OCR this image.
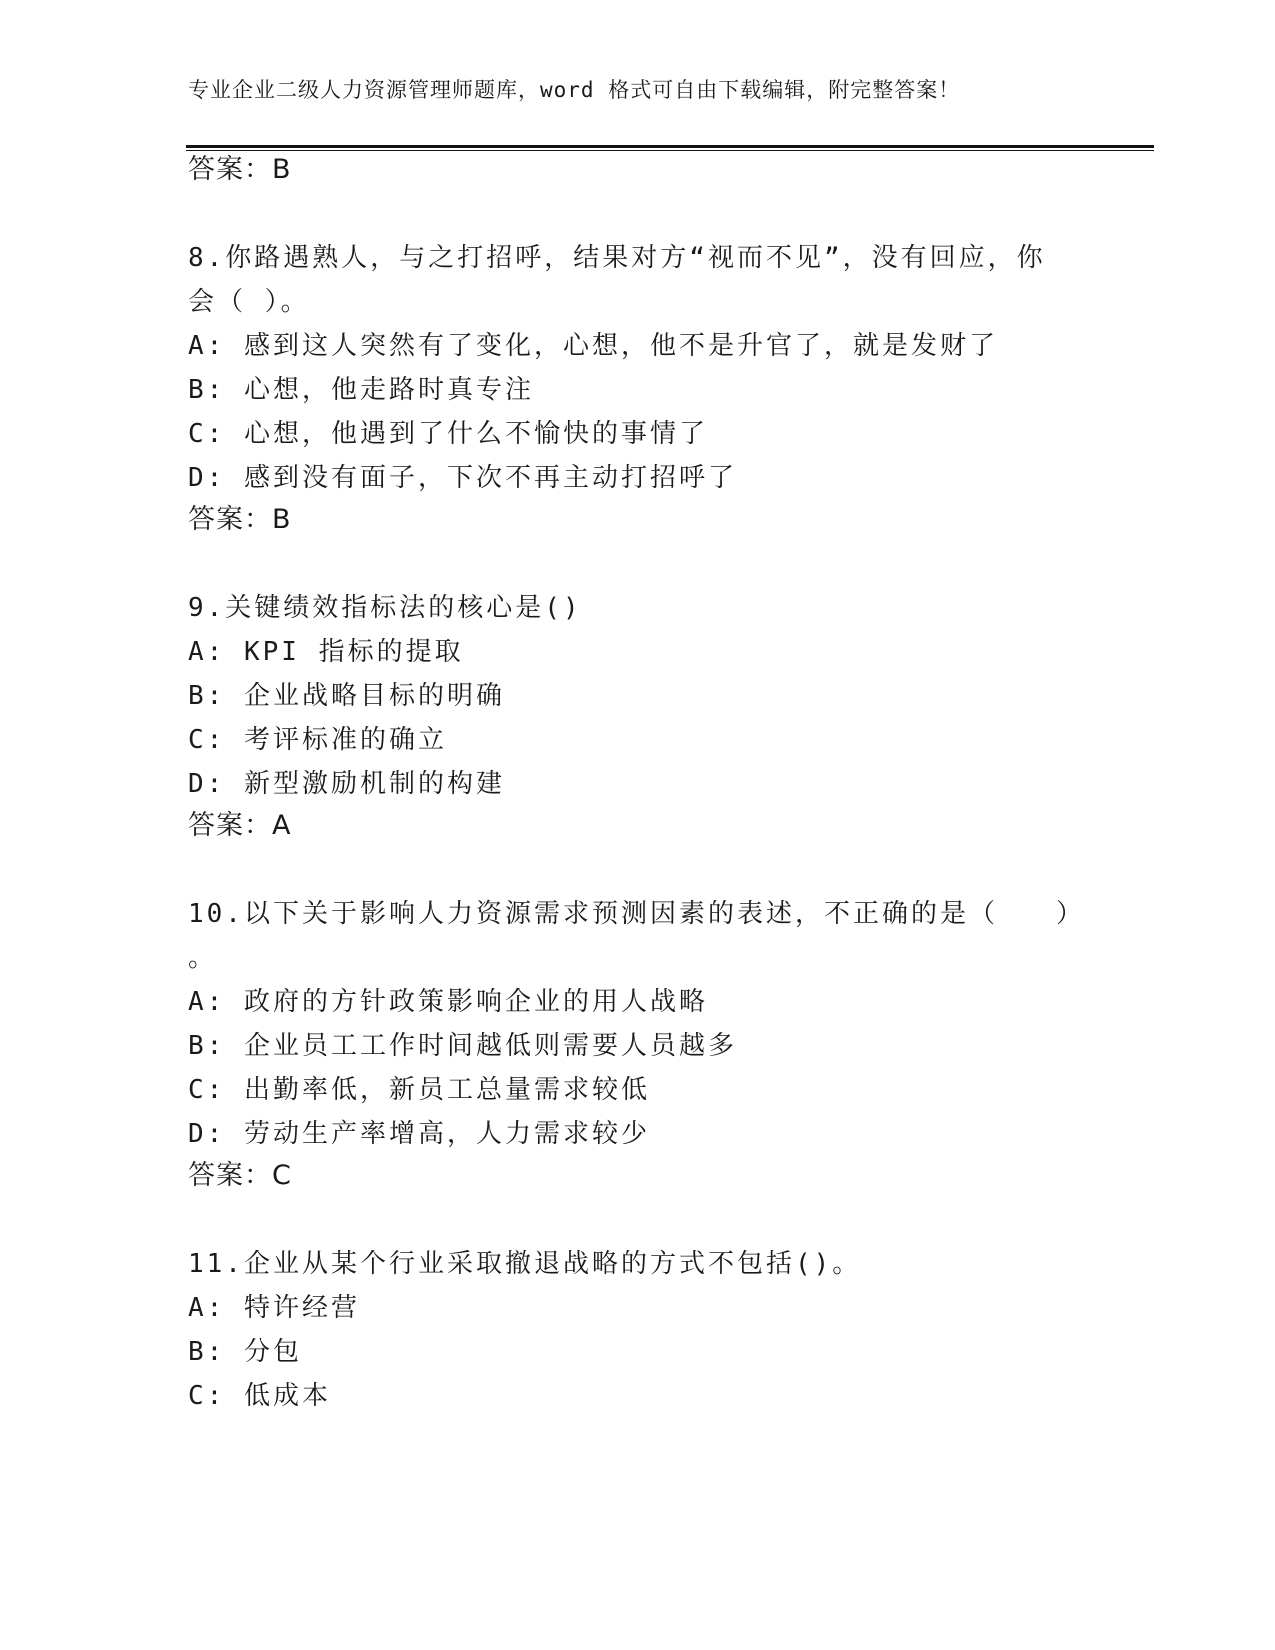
专业企业二级人力资源管理师题库，word 格式可自由下载编辑，附完整答案！
答案：B
8.你路遇熟人，与之打招呼，结果对方“视而不见”，没有回应，你
会（ ）。
A: 感到这人突然有了变化，心想，他不是升官了，就是发财了
B: 心想，他走路时真专注
C: 心想，他遇到了什么不愉快的事情了
D: 感到没有面子，下次不再主动打招呼了
答案：B
9.关键绩效指标法的核心是()
A: KPI 指标的提取
B: 企业战略目标的明确
C: 考评标准的确立
D: 新型激励机制的构建
答案：A
10.以下关于影响人力资源需求预测因素的表述，不正确的是（　　）
。
A: 政府的方针政策影响企业的用人战略
B: 企业员工工作时间越低则需要人员越多
C: 出勤率低，新员工总量需求较低
D: 劳动生产率增高，人力需求较少
答案：C
11.企业从某个行业采取撤退战略的方式不包括()。
A: 特许经营
B: 分包
C: 低成本
